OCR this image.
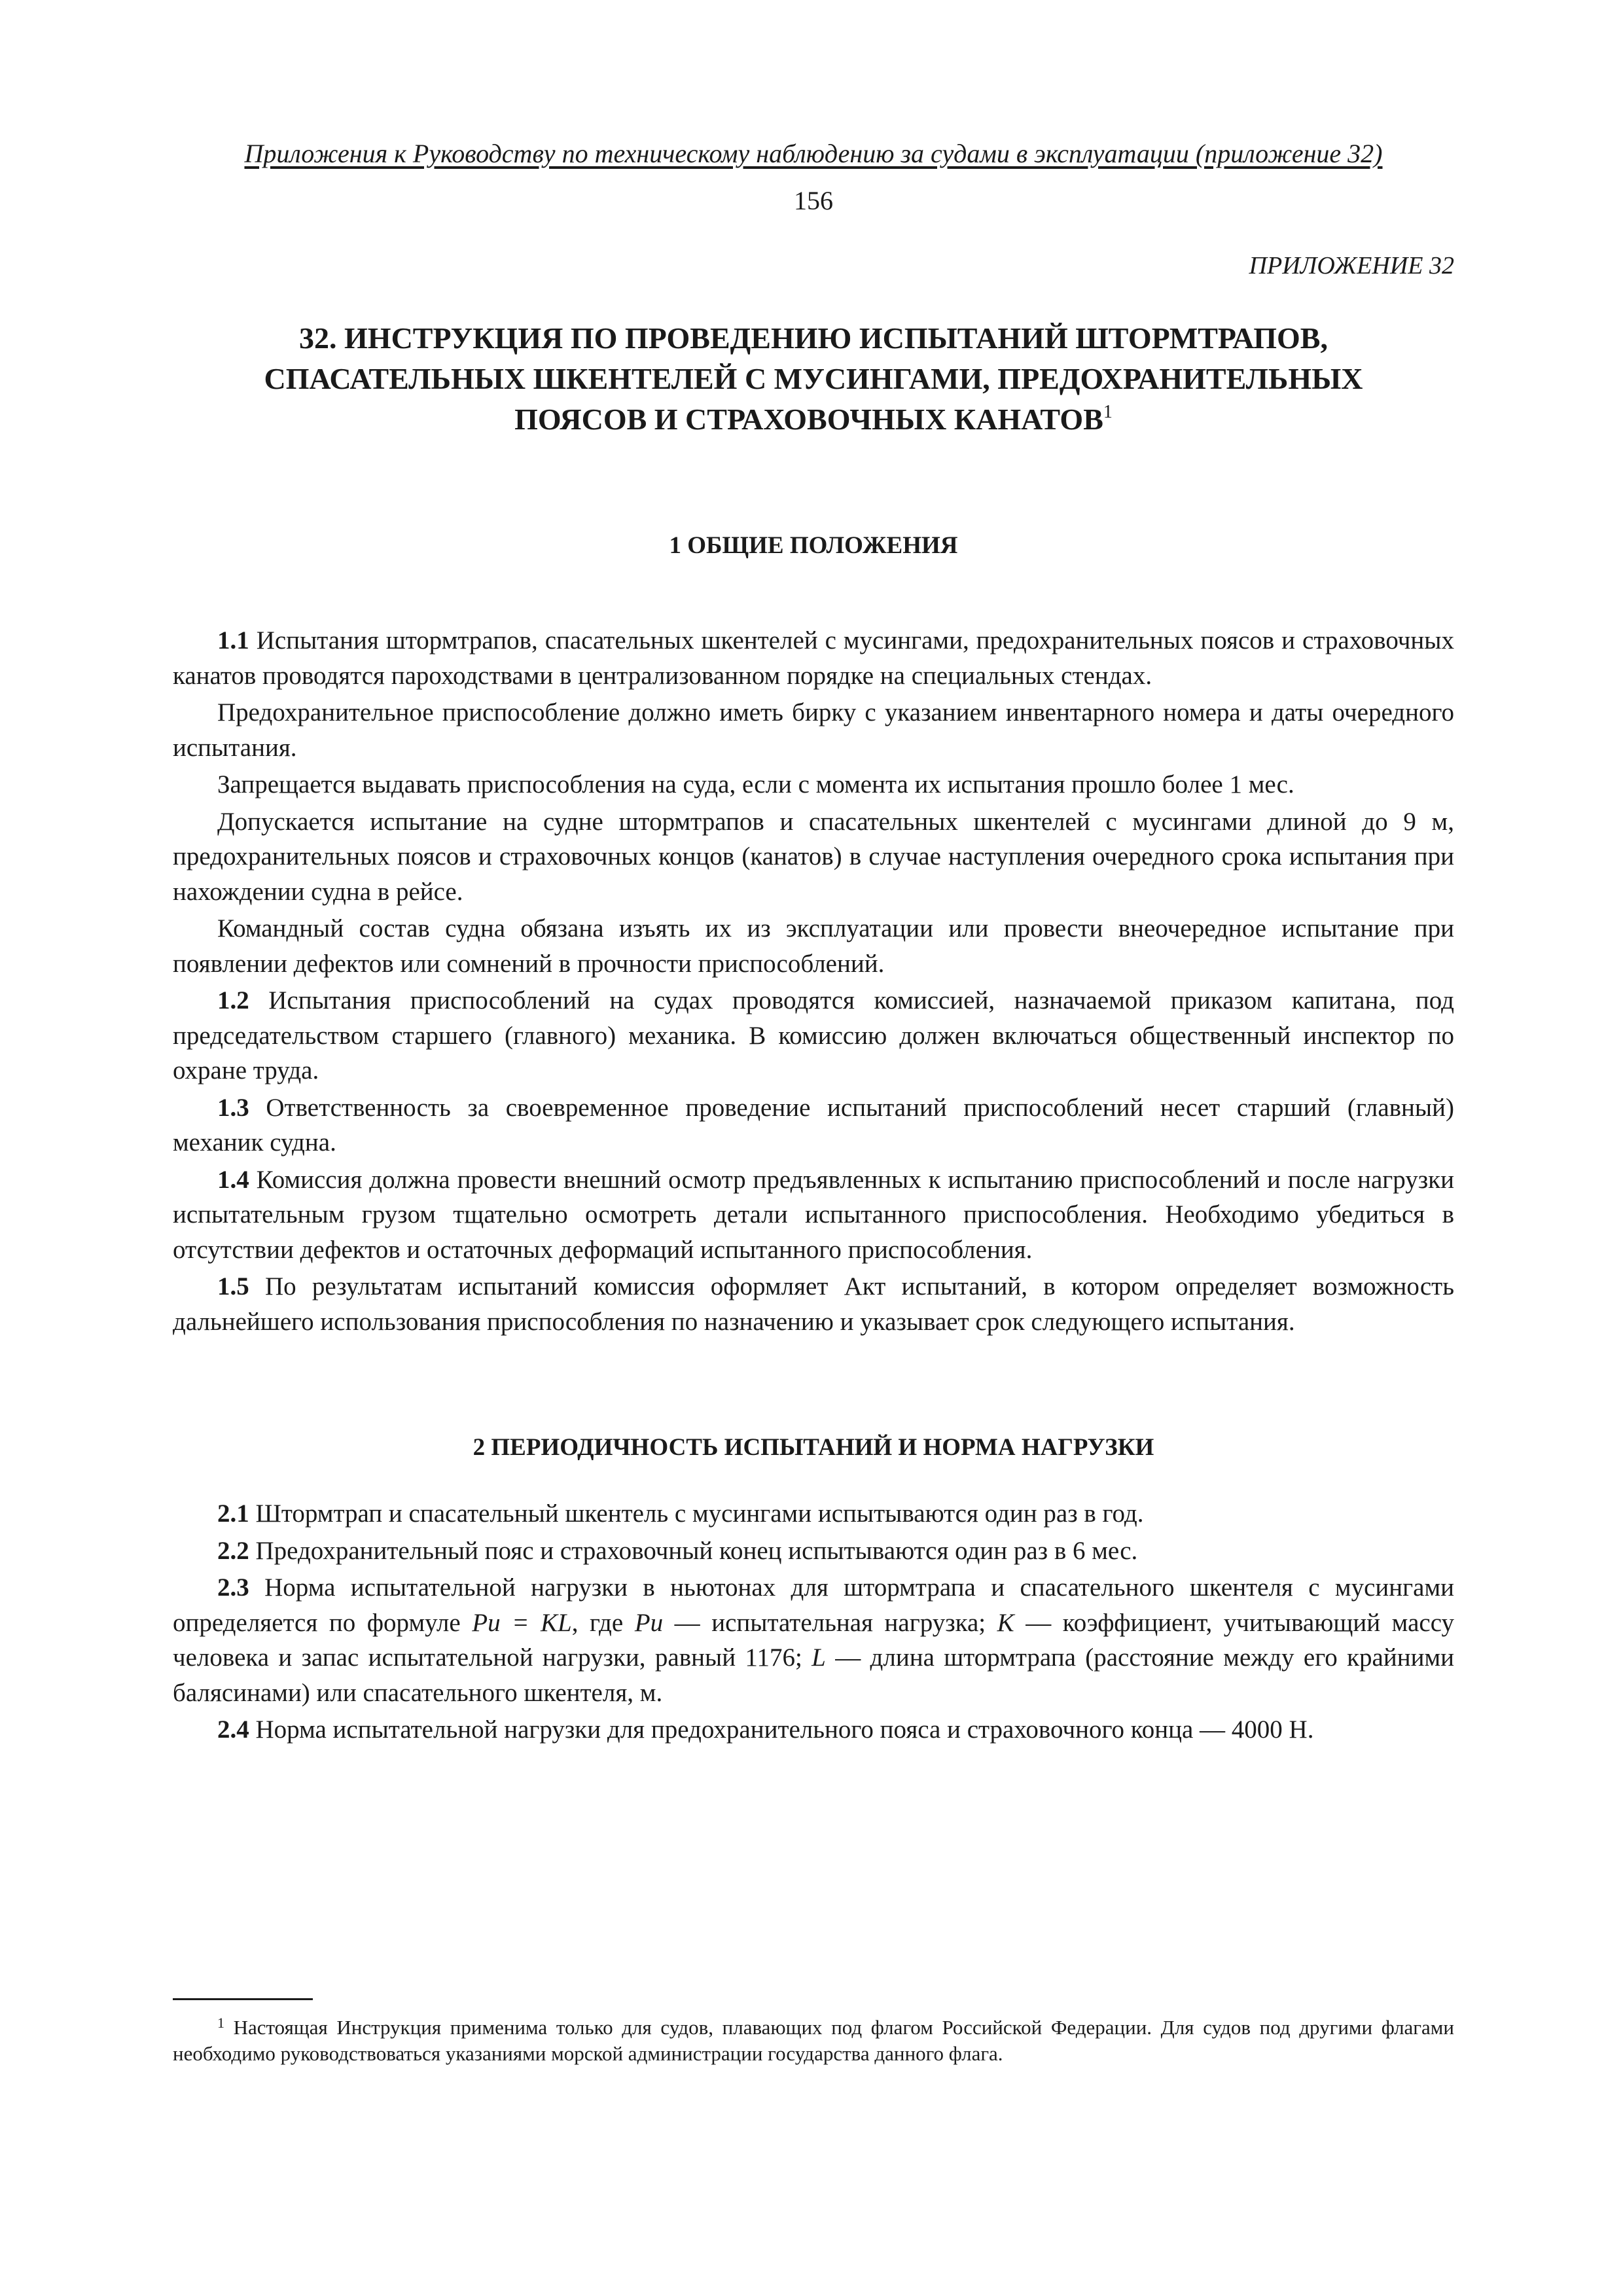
Приложения к Руководству по техническому наблюдению за судами в эксплуатации (приложение 32)
156
ПРИЛОЖЕНИЕ 32
32. ИНСТРУКЦИЯ ПО ПРОВЕДЕНИЮ ИСПЫТАНИЙ ШТОРМТРАПОВ,
СПАСАТЕЛЬНЫХ ШКЕНТЕЛЕЙ С МУСИНГАМИ, ПРЕДОХРАНИТЕЛЬНЫХ
ПОЯСОВ И СТРАХОВОЧНЫХ КАНАТОВ$^1$
1 ОБЩИЕ ПОЛОЖЕНИЯ

1.1 Испытания штормтрапов, спасательных шкентелей с мусингами, предохранительных поясов и страховочных канатов проводятся пароходствами в централизованном порядке на специальных стендах.

Предохранительное приспособление должно иметь бирку с указанием инвентарного номера и даты очередного испытания.

Запрещается выдавать приспособления на суда, если с момента их испытания прошло более 1 мес.

Допускается испытание на судне штормтрапов и спасательных шкентелей с мусингами длиной до 9 м, предохранительных поясов и страховочных концов (канатов) в случае наступления очередного срока испытания при нахождении судна в рейсе.

Командный состав судна обязана изъять их из эксплуатации или провести внеочередное испытание при появлении дефектов или сомнений в прочности приспособлений.

1.2 Испытания приспособлений на судах проводятся комиссией, назначаемой приказом капитана, под председательством старшего (главного) механика. В комиссию должен включаться общественный инспектор по охране труда.

1.3 Ответственность за своевременное проведение испытаний приспособлений несет старший (главный) механик судна.

1.4 Комиссия должна провести внешний осмотр предъявленных к испытанию приспособлений и после нагрузки испытательным грузом тщательно осмотреть детали испытанного приспособления. Необходимо убедиться в отсутствии дефектов и остаточных деформаций испытанного приспособления.

1.5 По результатам испытаний комиссия оформляет Акт испытаний, в котором определяет возможность дальнейшего использования приспособления по назначению и указывает срок следующего испытания.

2 ПЕРИОДИЧНОСТЬ ИСПЫТАНИЙ И НОРМА НАГРУЗКИ

2.1 Штормтрап и спасательный шкентель с мусингами испытываются один раз в год.

2.2 Предохранительный пояс и страховочный конец испытываются один раз в 6 мес.

2.3 Норма испытательной нагрузки в ньютонах для штормтрапа и спасательного шкентеля с мусингами определяется по формуле Pи = KL, где Pи — испытательная нагрузка; K — коэффициент, учитывающий массу человека и запас испытательной нагрузки, равный 1176; L — длина штормтрапа (расстояние между его крайними балясинами) или спасательного шкентеля, м.

2.4 Норма испытательной нагрузки для предохранительного пояса и страховочного конца — 4000 Н.

$^1$ Настоящая Инструкция применима только для судов, плавающих под флагом Российской Федерации. Для судов под другими флагами необходимо руководствоваться указаниями морской администрации государства данного флага.
